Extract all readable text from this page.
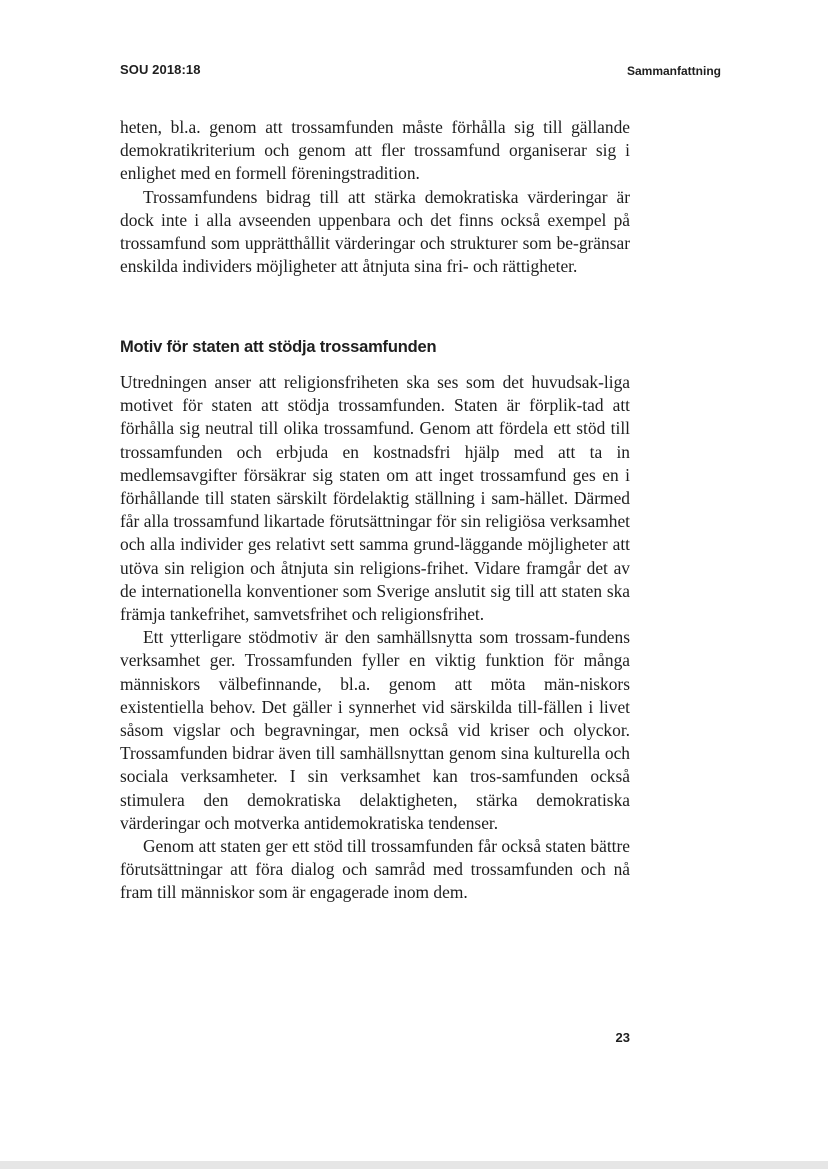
SOU 2018:18	Sammanfattning

heten, bl.a. genom att trossamfunden måste förhålla sig till gällande demokratikriterium och genom att fler trossamfund organiserar sig i enlighet med en formell föreningstradition.

Trossamfundens bidrag till att stärka demokratiska värderingar är dock inte i alla avseenden uppenbara och det finns också exempel på trossamfund som upprätthållit värderingar och strukturer som be-gränsar enskilda individers möjligheter att åtnjuta sina fri- och rättigheter.

Motiv för staten att stödja trossamfunden

Utredningen anser att religionsfriheten ska ses som det huvudsak-liga motivet för staten att stödja trossamfunden. Staten är förplik-tad att förhålla sig neutral till olika trossamfund. Genom att fördela ett stöd till trossamfunden och erbjuda en kostnadsfri hjälp med att ta in medlemsavgifter försäkrar sig staten om att inget trossamfund ges en i förhållande till staten särskilt fördelaktig ställning i sam-hället. Därmed får alla trossamfund likartade förutsättningar för sin religiösa verksamhet och alla individer ges relativt sett samma grund-läggande möjligheter att utöva sin religion och åtnjuta sin religions-frihet. Vidare framgår det av de internationella konventioner som Sverige anslutit sig till att staten ska främja tankefrihet, samvetsfrihet och religionsfrihet.

Ett ytterligare stödmotiv är den samhällsnytta som trossam-fundens verksamhet ger. Trossamfunden fyller en viktig funktion för många människors välbefinnande, bl.a. genom att möta män-niskors existentiella behov. Det gäller i synnerhet vid särskilda till-fällen i livet såsom vigslar och begravningar, men också vid kriser och olyckor. Trossamfunden bidrar även till samhällsnyttan genom sina kulturella och sociala verksamheter. I sin verksamhet kan tros-samfunden också stimulera den demokratiska delaktigheten, stärka demokratiska värderingar och motverka antidemokratiska tendenser.

Genom att staten ger ett stöd till trossamfunden får också staten bättre förutsättningar att föra dialog och samråd med trossamfunden och nå fram till människor som är engagerade inom dem.

23
